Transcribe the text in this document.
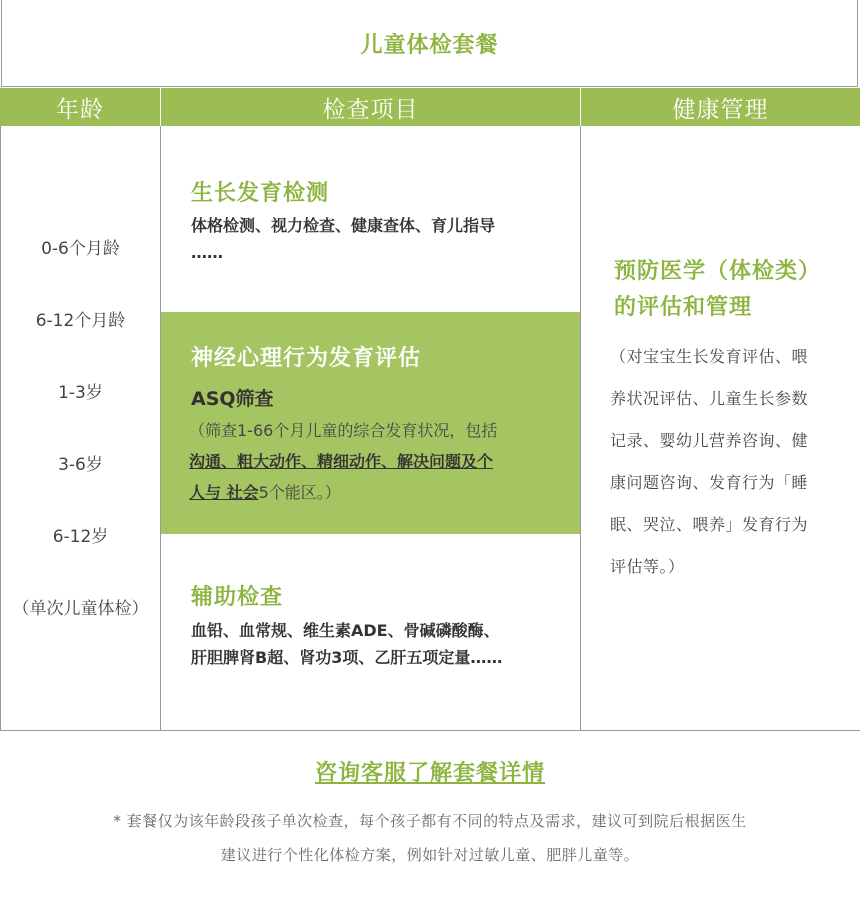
儿童体检套餐
年龄	检查项目	健康管理
0-6个月龄
6-12个月龄
1-3岁
3-6岁
6-12岁
（单次儿童体检）
生长发育检测
体格检测、视力检查、健康查体、育儿指导
……
神经心理行为发育评估
ASQ筛查
（筛查1-66个月儿童的综合发育状况，包括
沟通、粗大动作、精细动作、解决问题及个
人与 社会5个能区。）
辅助检查
血铅、血常规、维生素ADE、骨碱磷酸酶、
肝胆脾肾B超、肾功3项、乙肝五项定量……
预防医学（体检类）
的评估和管理
（对宝宝生长发育评估、喂
养状况评估、儿童生长参数
记录、婴幼儿营养咨询、健
康问题咨询、发育行为「睡
眠、哭泣、喂养」发育行为
评估等。）
咨询客服了解套餐详情
* 套餐仅为该年龄段孩子单次检查，每个孩子都有不同的特点及需求，建议可到院后根据医生
建议进行个性化体检方案，例如针对过敏儿童、肥胖儿童等。
